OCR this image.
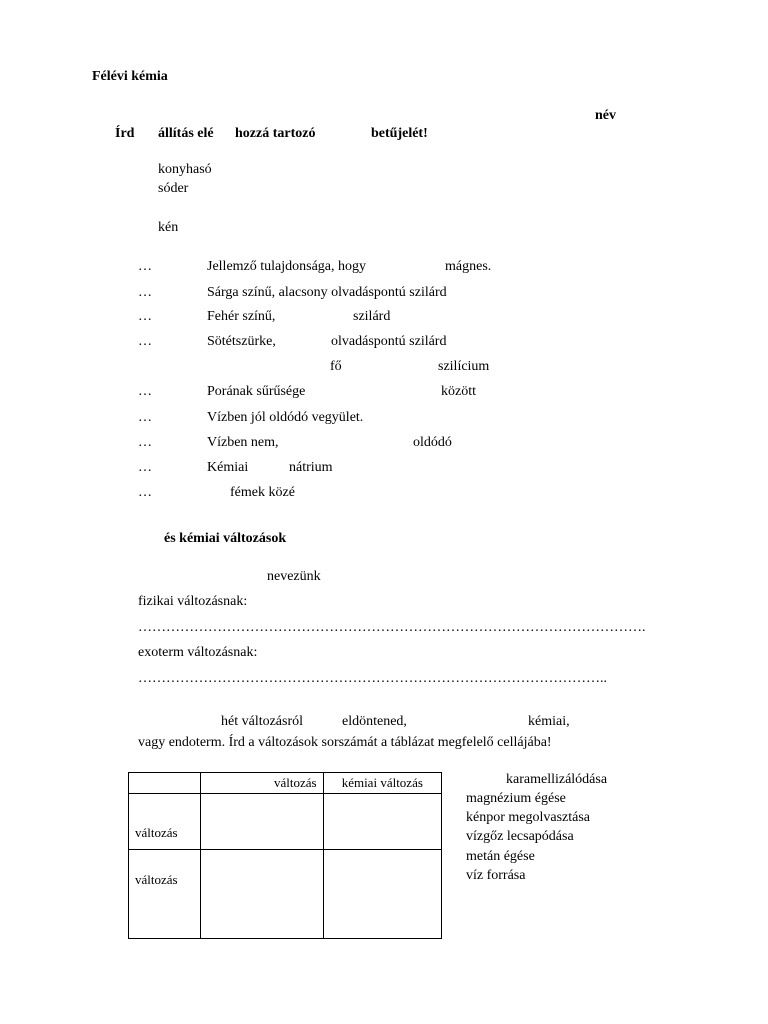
Félévi kémia
név
Írd állítás elé hozzá tartozó	betűjelét!
konyhasó
sóder
kén
…	Jellemző tulajdonsága, hogy	mágnes.
…	Sárga színű, alacsony olvadáspontú szilárd
…	Fehér színű,	szilárd
…	Sötétszürke,	olvadáspontú szilárd
fő	szilícium
…	Porának sűrűsége	között
…	Vízben jól oldódó vegyület.
…	Vízben nem,	oldódó
…	Kémiai	nátrium
…	fémek közé
és kémiai változások
nevezünk
fizikai változásnak:
……………………………………………………………………………………………….
exoterm változásnak:
………………………………………………………………………………………..
hét változásról	eldöntened,	kémiai,
vagy endoterm. Írd a változások sorszámát a táblázat megfelelő cellájába!
	változás	kémiai változás
változás		
változás		
karamellizálódása
magnézium égése
kénpor megolvasztása
vízgőz lecsapódása
metán égése
víz forrása
